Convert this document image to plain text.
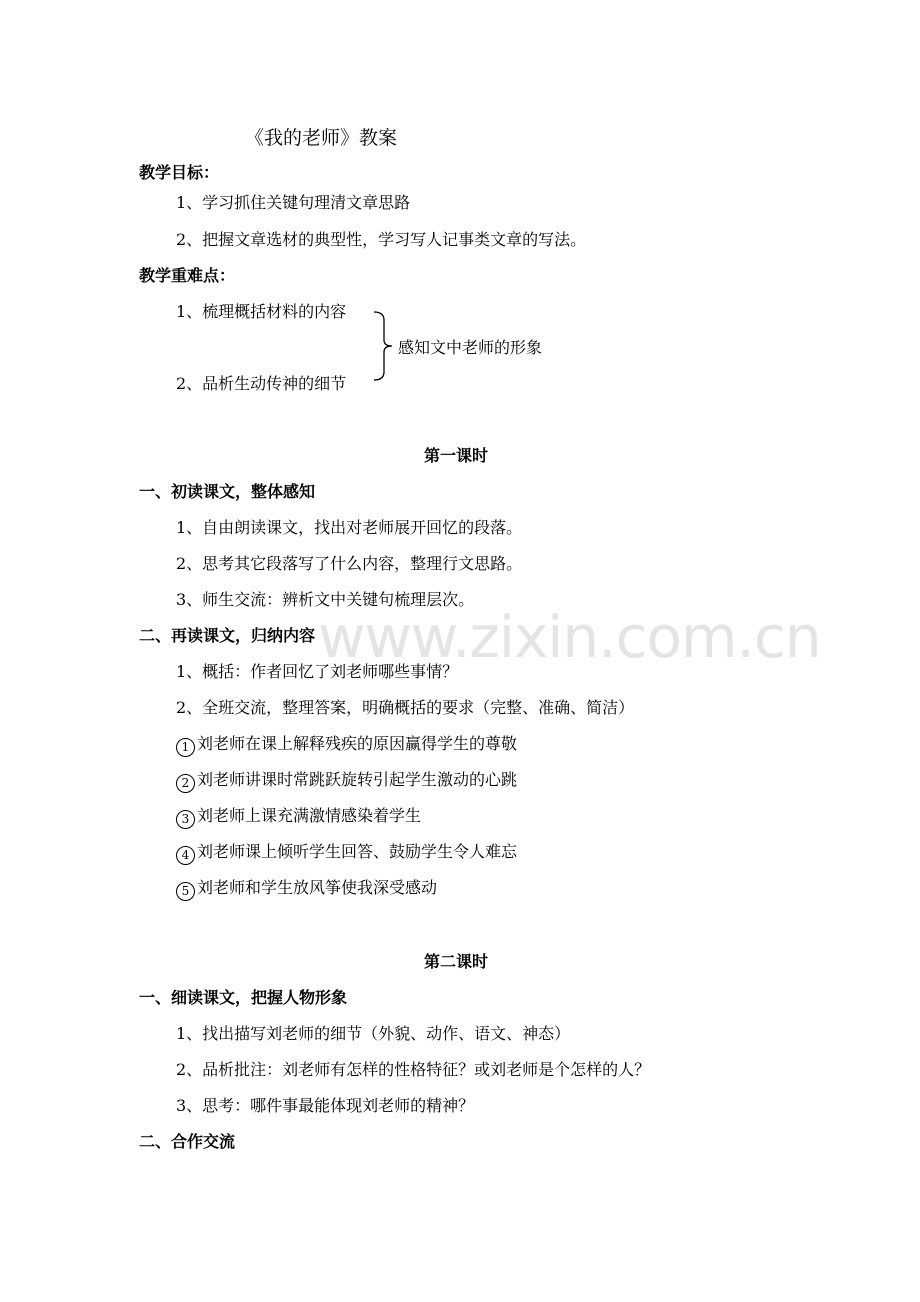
www.zixin.com.cn
《我的老师》教案
教学目标：
1、学习抓住关键句理清文章思路
2、把握文章选材的典型性，学习写人记事类文章的写法。
教学重难点：
1、梳理概括材料的内容
2、品析生动传神的细节
感知文中老师的形象
第一课时
一、初读课文，整体感知
1、自由朗读课文，找出对老师展开回忆的段落。
2、思考其它段落写了什么内容，整理行文思路。
3、师生交流：辨析文中关键句梳理层次。
二、再读课文，归纳内容
1、概括：作者回忆了刘老师哪些事情？
2、全班交流，整理答案，明确概括的要求（完整、准确、简洁）
1 刘老师在课上解释残疾的原因赢得学生的尊敬
2 刘老师讲课时常跳跃旋转引起学生激动的心跳
3 刘老师上课充满激情感染着学生
4 刘老师课上倾听学生回答、鼓励学生令人难忘
5 刘老师和学生放风筝使我深受感动
第二课时
一、细读课文，把握人物形象
1、找出描写刘老师的细节（外貌、动作、语文、神态）
2、品析批注：刘老师有怎样的性格特征？或刘老师是个怎样的人？
3、思考：哪件事最能体现刘老师的精神？
二、合作交流
